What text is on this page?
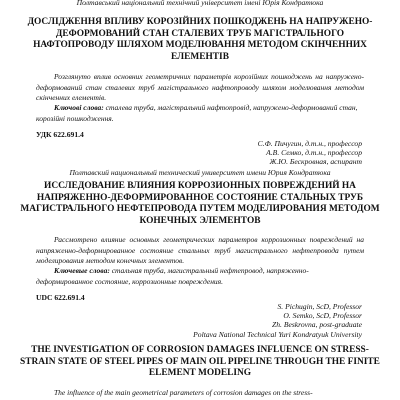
Полтавський національний технічний університет імені Юрія Кондратюка
ДОСЛІДЖЕННЯ ВПЛИВУ КОРОЗІЙНИХ ПОШКОДЖЕНЬ НА НАПРУЖЕНО-ДЕФОРМОВАНИЙ СТАН СТАЛЕВИХ ТРУБ МАГІСТРАЛЬНОГО НАФТОПРОВОДУ ШЛЯХОМ МОДЕЛЮВАННЯ МЕТОДОМ СКІНЧЕННИХ ЕЛЕМЕНТІВ
Розглянуто вплив основних геометричних параметрів корозійних пошкоджень на напружено-деформований стан сталевих труб магістрального нафтопроводу шляхом моделювання методом скінченних елементів.
Ключові слова: сталева труба, магістральний нафтопровід, напружено-деформований стан, корозійні пошкодження.
УДК 622.691.4
С.Ф. Пичугин, д.т.н., профессор
А.В. Семко, д.т.н., профессор
Ж.Ю. Бескровная, аспирант
Полтавский национальный технический университет имени Юрия Кондратюка
ИССЛЕДОВАНИЕ ВЛИЯНИЯ КОРРОЗИОННЫХ ПОВРЕЖДЕНИЙ НА НАПРЯЖЕННО-ДЕФОРМИРОВАННОЕ СОСТОЯНИЕ СТАЛЬНЫХ ТРУБ МАГИСТРАЛЬНОГО НЕФТЕПРОВОДА ПУТЕМ МОДЕЛИРОВАНИЯ МЕТОДОМ КОНЕЧНЫХ ЭЛЕМЕНТОВ
Рассмотрено влияние основных геометрических параметров коррозионных повреждений на напряженно-деформированное состояние стальных труб магистрального нефтепровода путем моделирования методом конечных элементов.
Ключевые слова: стальная труба, магистральный нефтепровод, напряженно-деформированное состояние, коррозионные повреждения.
UDC 622.691.4
S. Pichugin, ScD, Professor
O. Semko, ScD, Professor
Zh. Beskrovna, post-graduate
Poltava National Technical Yuri Kondratyuk University
THE INVESTIGATION OF CORROSION DAMAGES INFLUENCE ON STRESS-STRAIN STATE OF STEEL PIPES OF MAIN OIL PIPELINE THROUGH THE FINITE ELEMENT MODELING
The influence of the main geometrical parameters of corrosion damages on the stress-
